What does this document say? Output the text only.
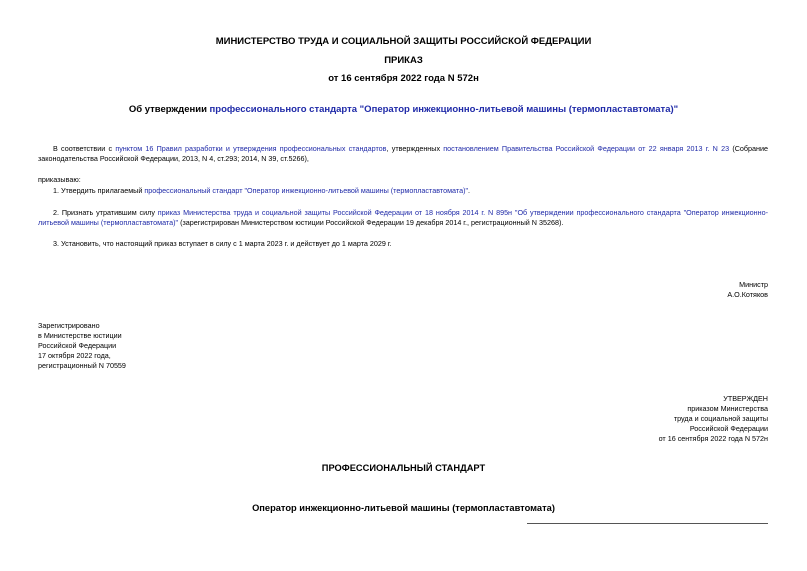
МИНИСТЕРСТВО ТРУДА И СОЦИАЛЬНОЙ ЗАЩИТЫ РОССИЙСКОЙ ФЕДЕРАЦИИ
ПРИКАЗ
от 16 сентября 2022 года N 572н
Об утверждении профессионального стандарта "Оператор инжекционно-литьевой машины (термопластавтомата)"
В соответствии с пунктом 16 Правил разработки и утверждения профессиональных стандартов, утвержденных постановлением Правительства Российской Федерации от 22 января 2013 г. N 23 (Собрание законодательства Российской Федерации, 2013, N 4, ст.293; 2014, N 39, ст.5266),
приказываю:
1. Утвердить прилагаемый профессиональный стандарт "Оператор инжекционно-литьевой машины (термопластавтомата)".
2. Признать утратившим силу приказ Министерства труда и социальной защиты Российской Федерации от 18 ноября 2014 г. N 895н "Об утверждении профессионального стандарта "Оператор инжекционно-литьевой машины (термопластавтомата)" (зарегистрирован Министерством юстиции Российской Федерации 19 декабря 2014 г., регистрационный N 35268).
3. Установить, что настоящий приказ вступает в силу с 1 марта 2023 г. и действует до 1 марта 2029 г.
Министр
А.О.Котяков
Зарегистрировано
в Министерстве юстиции
Российской Федерации
17 октября 2022 года,
регистрационный N 70559
УТВЕРЖДЕН
приказом Министерства
труда и социальной защиты
Российской Федерации
от 16 сентября 2022 года N 572н
ПРОФЕССИОНАЛЬНЫЙ СТАНДАРТ
Оператор инжекционно-литьевой машины (термопластавтомата)
